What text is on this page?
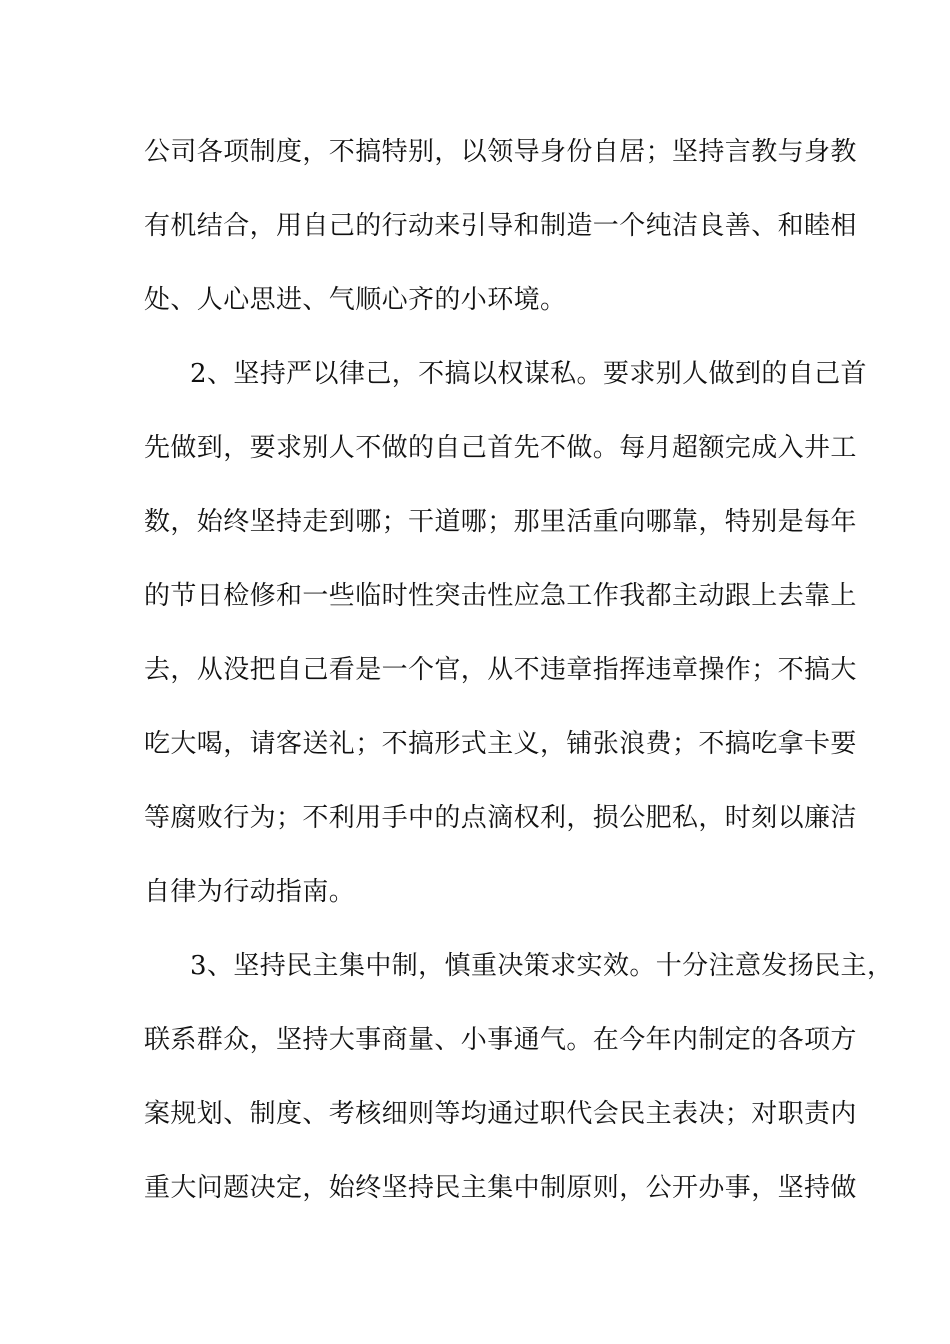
公司各项制度，不搞特别，以领导身份自居；坚持言教与身教
有机结合，用自己的行动来引导和制造一个纯洁良善、和睦相
处、人心思进、气顺心齐的小环境。
2、坚持严以律己，不搞以权谋私。要求别人做到的自己首
先做到，要求别人不做的自己首先不做。每月超额完成入井工
数，始终坚持走到哪；干道哪；那里活重向哪靠，特别是每年
的节日检修和一些临时性突击性应急工作我都主动跟上去靠上
去，从没把自己看是一个官，从不违章指挥违章操作；不搞大
吃大喝，请客送礼；不搞形式主义，铺张浪费；不搞吃拿卡要
等腐败行为；不利用手中的点滴权利，损公肥私，时刻以廉洁
自律为行动指南。
3、坚持民主集中制，慎重决策求实效。十分注意发扬民主，
联系群众，坚持大事商量、小事通气。在今年内制定的各项方
案规划、制度、考核细则等均通过职代会民主表决；对职责内
重大问题决定，始终坚持民主集中制原则，公开办事，坚持做
